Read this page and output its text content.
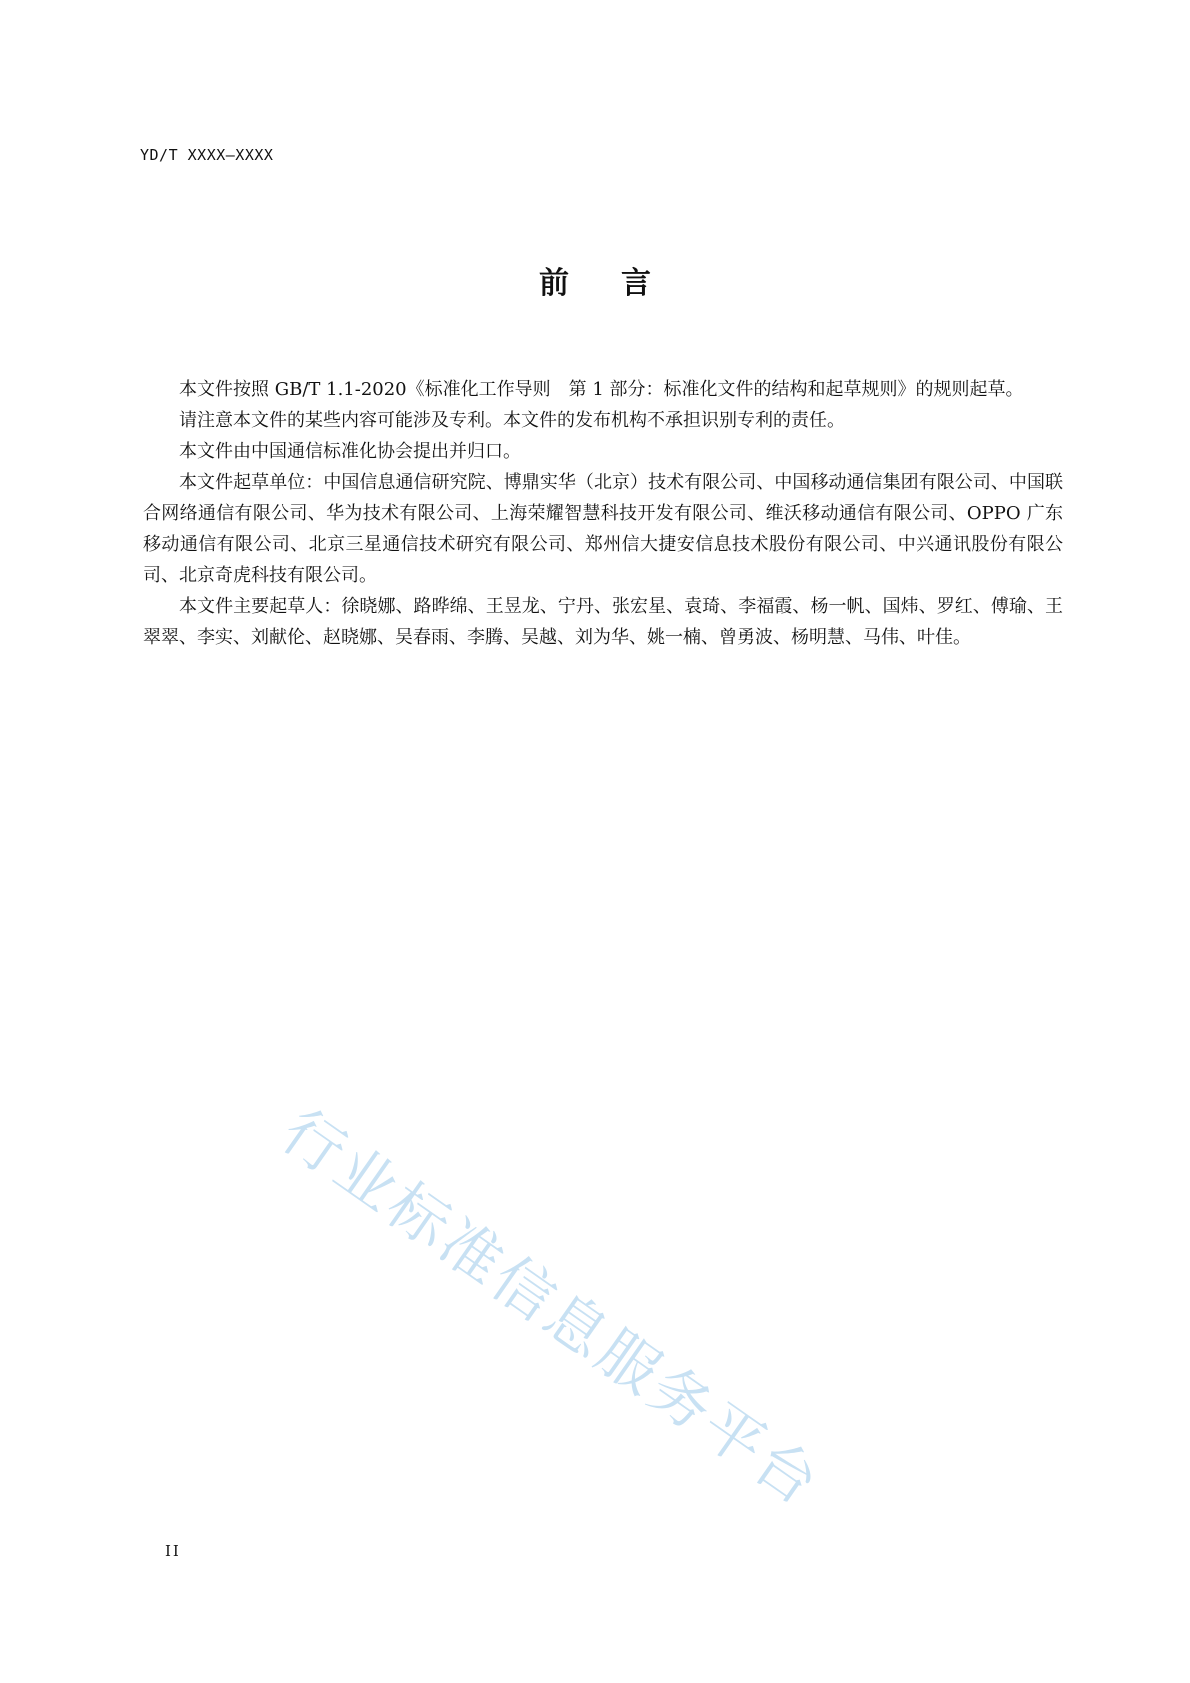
YD/T XXXX—XXXX
前 言

本文件按照 GB/T 1.1-2020《标准化工作导则　第 1 部分：标准化文件的结构和起草规则》的规则起草。

请注意本文件的某些内容可能涉及专利。本文件的发布机构不承担识别专利的责任。

本文件由中国通信标准化协会提出并归口。

本文件起草单位：中国信息通信研究院、博鼎实华（北京）技术有限公司、中国移动通信集团有限公司、中国联合网络通信有限公司、华为技术有限公司、上海荣耀智慧科技开发有限公司、维沃移动通信有限公司、OPPO 广东移动通信有限公司、北京三星通信技术研究有限公司、郑州信大捷安信息技术股份有限公司、中兴通讯股份有限公司、北京奇虎科技有限公司。

本文件主要起草人：徐晓娜、路晔绵、王昱龙、宁丹、张宏星、袁琦、李福霞、杨一帆、国炜、罗红、傅瑜、王翠翠、李实、刘献伦、赵晓娜、吴春雨、李腾、吴越、刘为华、姚一楠、曾勇波、杨明慧、马伟、叶佳。

行业标准信息服务平台
II
